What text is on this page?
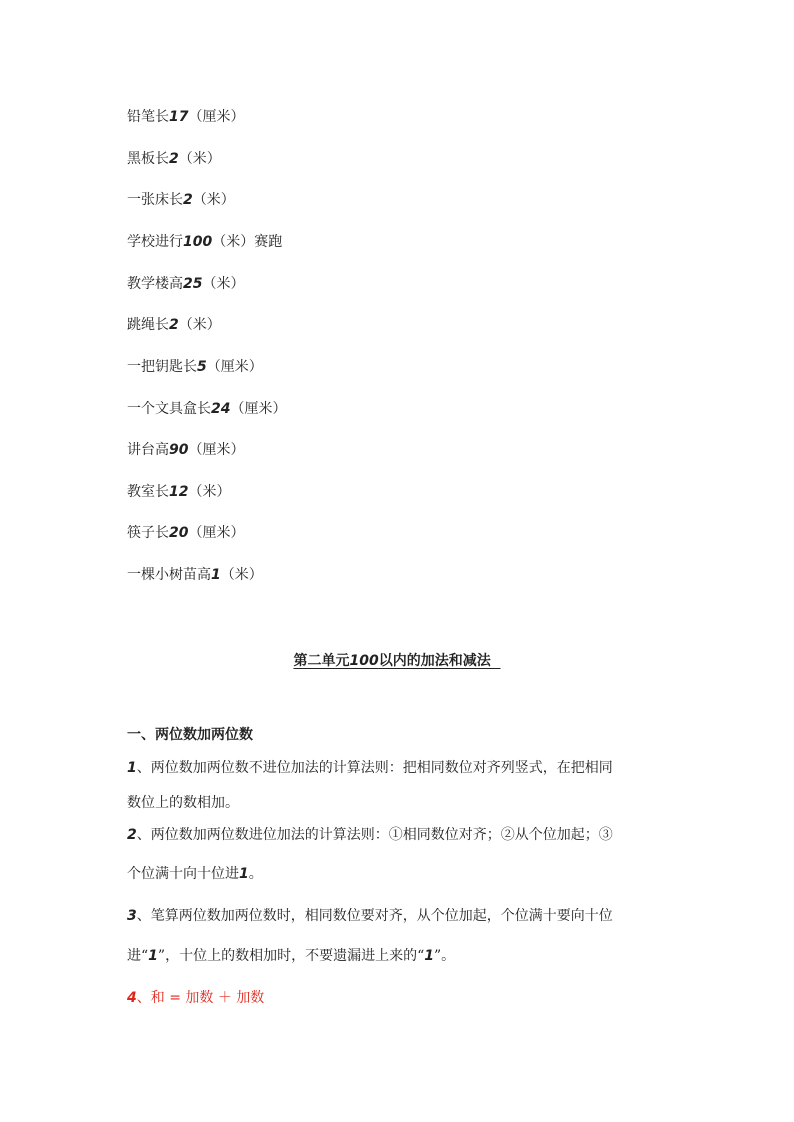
铅笔长17（厘米）

黑板长2（米）

一张床长2（米）

学校进行100（米）赛跑

教学楼高25（米）

跳绳长2（米）

一把钥匙长5（厘米）

一个文具盒长24（厘米）

讲台高90（厘米）

教室长12（米）

筷子长20（厘米）

一棵小树苗高1（米）

第二单元100以内的加法和减法

一、两位数加两位数

1、两位数加两位数不进位加法的计算法则：把相同数位对齐列竖式，在把相同

数位上的数相加。

2、两位数加两位数进位加法的计算法则：①相同数位对齐；②从个位加起；③

个位满十向十位进1。

3、笔算两位数加两位数时，相同数位要对齐，从个位加起，个位满十要向十位

进“1”，十位上的数相加时，不要遗漏进上来的“1”。

4、和 = 加数 ＋ 加数
